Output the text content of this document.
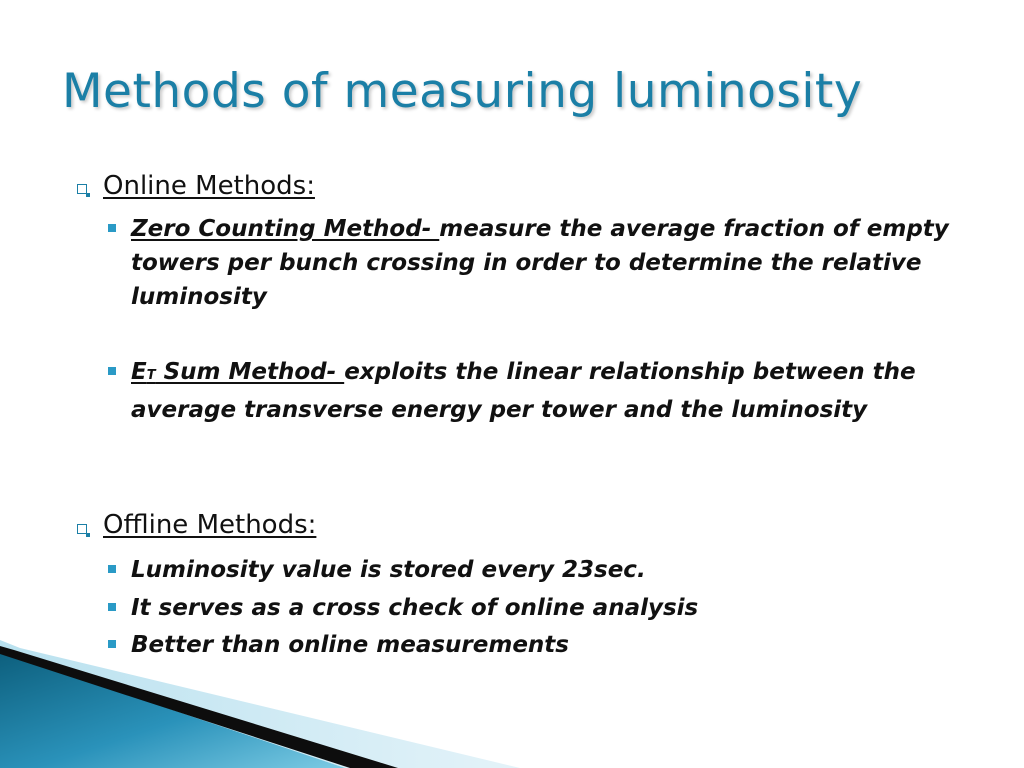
Methods of measuring luminosity
Online Methods:
Zero Counting Method- measure the average fraction of empty towers per bunch crossing in order to determine the relative luminosity
ET Sum Method- exploits the linear relationship between the average transverse energy per tower and the luminosity
Offline Methods:
Luminosity value is stored every 23sec.
It serves as a cross check of online analysis
Better than online measurements
